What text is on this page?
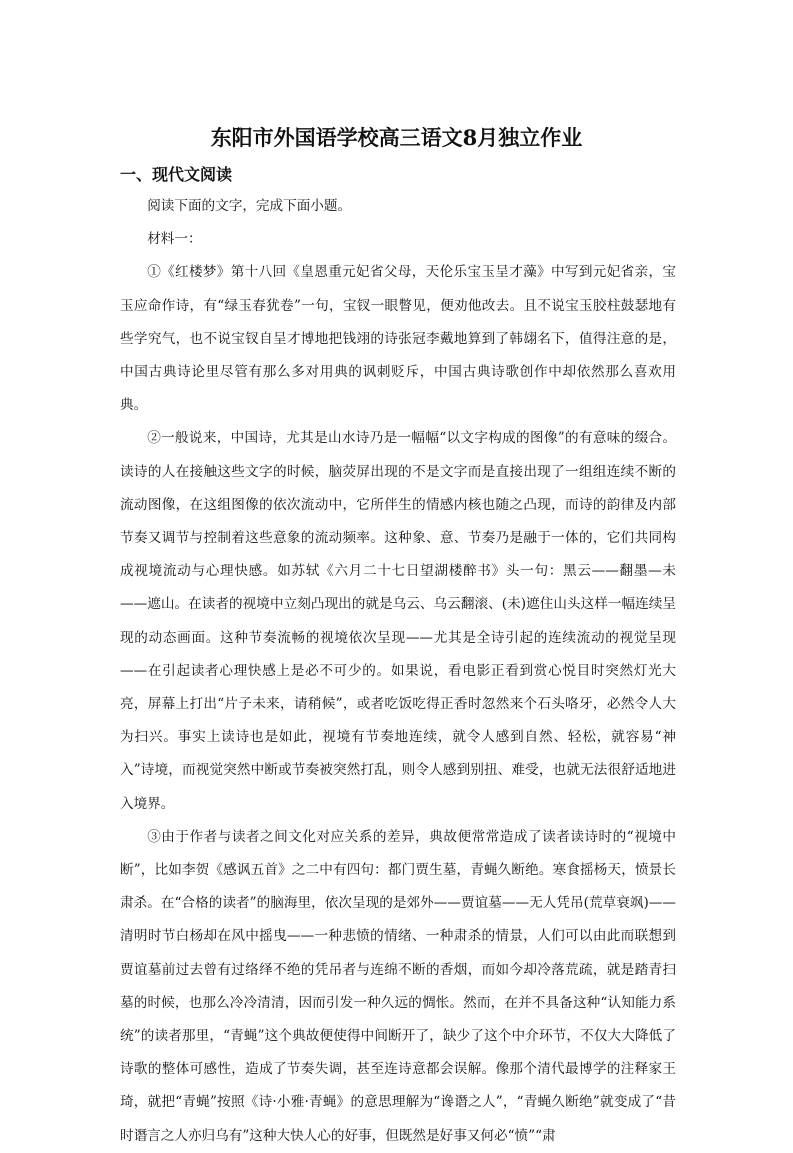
东阳市外国语学校高三语文8月独立作业
一、现代文阅读

阅读下面的文字，完成下面小题。

材料一：

①《红楼梦》第十八回《皇恩重元妃省父母，天伦乐宝玉呈才藻》中写到元妃省亲，宝玉应命作诗，有“绿玉春犹卷”一句，宝钗一眼瞥见，便劝他改去。且不说宝玉胶柱鼓瑟地有些学究气，也不说宝钗自呈才博地把钱翊的诗张冠李戴地算到了韩翃名下，值得注意的是，中国古典诗论里尽管有那么多对用典的讽刺贬斥，中国古典诗歌创作中却依然那么喜欢用典。

②一般说来，中国诗，尤其是山水诗乃是一幅幅“以文字构成的图像”的有意味的缀合。读诗的人在接触这些文字的时候，脑荧屏出现的不是文字而是直接出现了一组组连续不断的流动图像，在这组图像的依次流动中，它所伴生的情感内核也随之凸现，而诗的韵律及内部节奏又调节与控制着这些意象的流动频率。这种象、意、节奏乃是融于一体的，它们共同构成视境流动与心理快感。如苏轼《六月二十七日望湖楼醉书》头一句：黑云——翻墨—未——遮山。在读者的视境中立刻凸现出的就是乌云、乌云翻滚、(未)遮住山头这样一幅连续呈现的动态画面。这种节奏流畅的视境依次呈现——尤其是全诗引起的连续流动的视觉呈现——在引起读者心理快感上是必不可少的。如果说，看电影正看到赏心悦目时突然灯光大亮，屏幕上打出“片子未来，请稍候”，或者吃饭吃得正香时忽然来个石头咯牙，必然令人大为扫兴。事实上读诗也是如此，视境有节奏地连续，就令人感到自然、轻松，就容易“神入”诗境，而视觉突然中断或节奏被突然打乱，则令人感到别扭、难受，也就无法很舒适地进入境界。

③由于作者与读者之间文化对应关系的差异，典故便常常造成了读者读诗时的“视境中断”，比如李贺《感讽五首》之二中有四句：都门贾生墓，青蝇久断绝。寒食摇杨天，愤景长肃杀。在“合格的读者”的脑海里，依次呈现的是郊外——贾谊墓——无人凭吊(荒草衰飒)——清明时节白杨却在风中摇曳——一种悲愤的情绪、一种肃杀的情景，人们可以由此而联想到贾谊墓前过去曾有过络绎不绝的凭吊者与连绵不断的香烟，而如今却冷落荒疏，就是踏青扫墓的时候，也那么冷冷清清，因而引发一种久远的惆怅。然而，在并不具备这种“认知能力系统”的读者那里，“青蝇”这个典故便使得中间断开了，缺少了这个中介环节，不仅大大降低了诗歌的整体可感性，造成了节奏失调，甚至连诗意都会误解。像那个清代最博学的注释家王琦，就把“青蝇”按照《诗·小雅·青蝇》的意思理解为“谗谮之人”，“青蝇久断绝”就变成了“昔时谮言之人亦归乌有”这种大快人心的好事，但既然是好事又何必“愤”“肃
